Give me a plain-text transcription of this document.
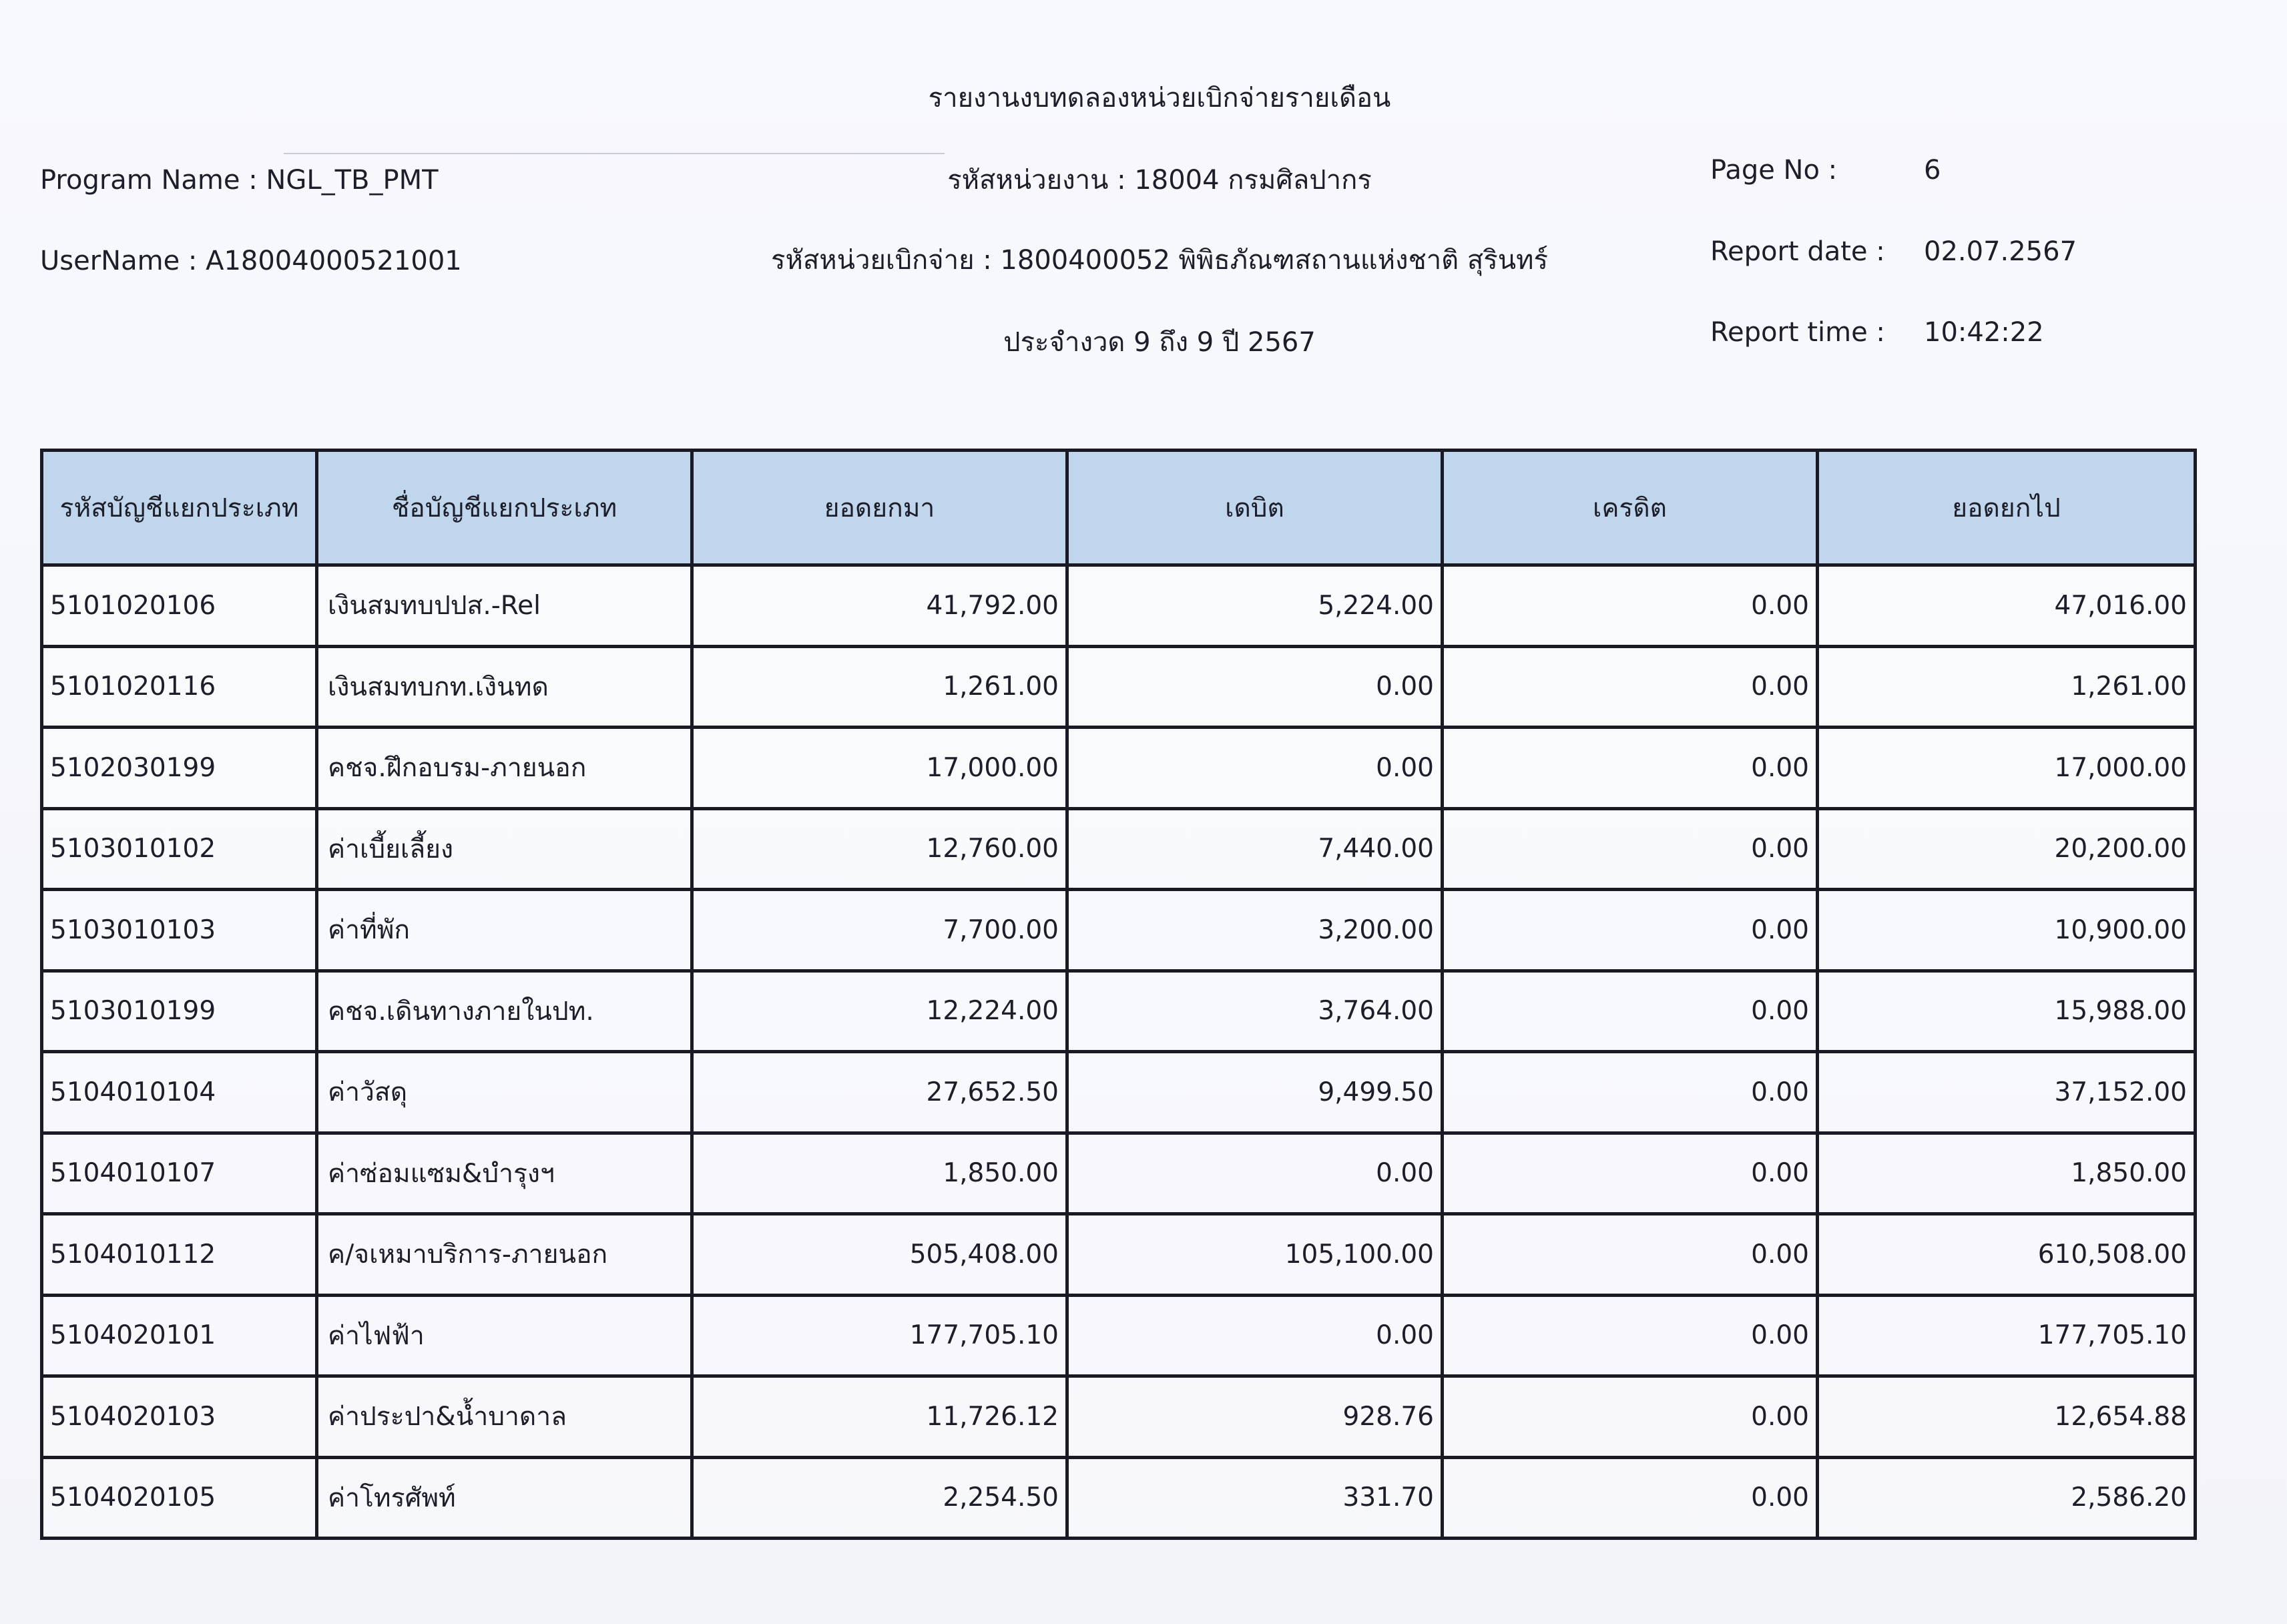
รายงานงบทดลองหน่วยเบิกจ่ายรายเดือน
Program Name : NGL_TB_PMT	รหัสหน่วยงาน : 18004 กรมศิลปากร	Page No :	6
UserName : A18004000521001	รหัสหน่วยเบิกจ่าย : 1800400052 พิพิธภัณฑสถานแห่งชาติ สุรินทร์	Report date : 02.07.2567
ประจำงวด 9 ถึง 9 ปี 2567	Report time : 10:42:22
รหัสบัญชีแยกประเภท	ชื่อบัญชีแยกประเภท	ยอดยกมา	เดบิต	เครดิต	ยอดยกไป
5101020106	เงินสมทบปปส.-Rel	41,792.00	5,224.00	0.00	47,016.00
5101020116	เงินสมทบกท.เงินทด	1,261.00	0.00	0.00	1,261.00
5102030199	คชจ.ฝึกอบรม-ภายนอก	17,000.00	0.00	0.00	17,000.00
5103010102	ค่าเบี้ยเลี้ยง	12,760.00	7,440.00	0.00	20,200.00
5103010103	ค่าที่พัก	7,700.00	3,200.00	0.00	10,900.00
5103010199	คชจ.เดินทางภายในปท.	12,224.00	3,764.00	0.00	15,988.00
5104010104	ค่าวัสดุ	27,652.50	9,499.50	0.00	37,152.00
5104010107	ค่าซ่อมแซม&บำรุงฯ	1,850.00	0.00	0.00	1,850.00
5104010112	ค/จเหมาบริการ-ภายนอก	505,408.00	105,100.00	0.00	610,508.00
5104020101	ค่าไฟฟ้า	177,705.10	0.00	0.00	177,705.10
5104020103	ค่าประปา&น้ำบาดาล	11,726.12	928.76	0.00	12,654.88
5104020105	ค่าโทรศัพท์	2,254.50	331.70	0.00	2,586.20
